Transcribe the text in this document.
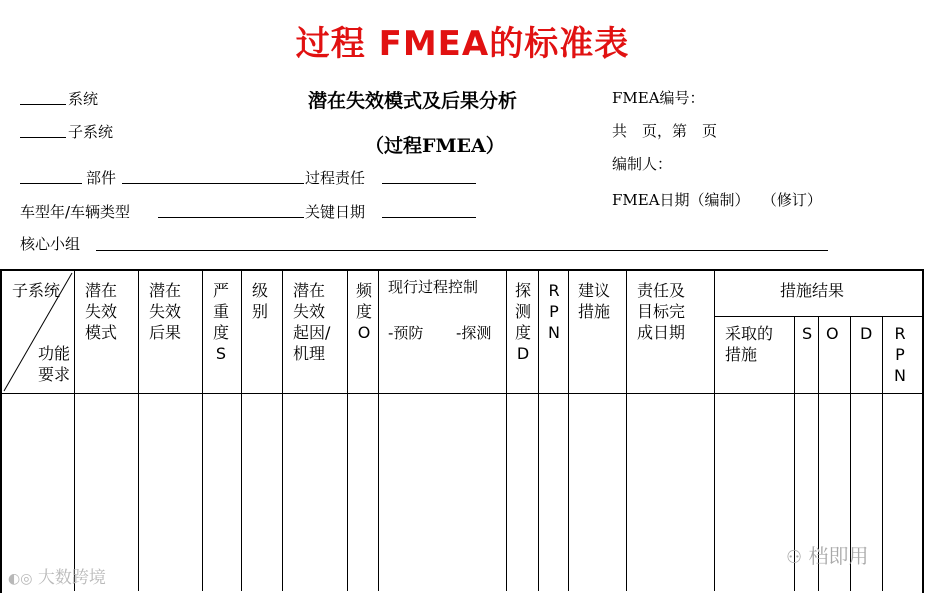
过程 FMEA的标准表
系统
子系统
部件	过程责任
车型年/车辆类型	关键日期
核心小组
潜在失效模式及后果分析
（过程FMEA）
FMEA编号：
共　页，第　页
编制人：
FMEA日期（编制）　 （修订）
子系统
功能要求
潜在失效模式
潜在失效后果
严重度S
级别
潜在失效起因/机理
频度O
现行过程控制
-预防 -探测
探测度D
RPN
建议措施
责任及目标完成日期
措施结果
采取的措施
S O D RPN
◐◎ 大数跨境
⚇ 档即用
